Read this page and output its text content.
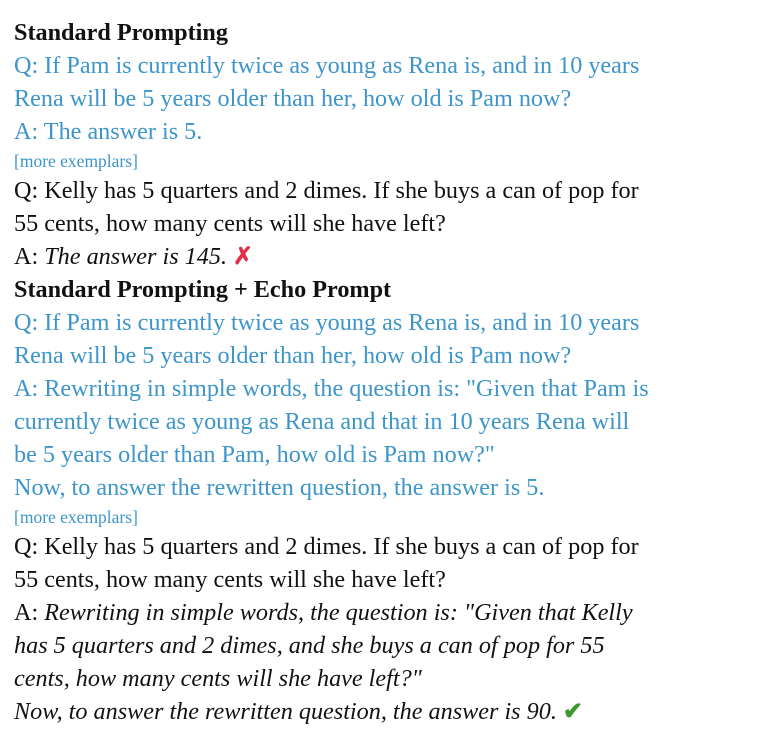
Standard Prompting

Q: If Pam is currently twice as young as Rena is, and in 10 years

Rena will be 5 years older than her, how old is Pam now?

A: The answer is 5.

[more exemplars]

Q: Kelly has 5 quarters and 2 dimes. If she buys a can of pop for

55 cents, how many cents will she have left?

A: The answer is 145. ✗

Standard Prompting + Echo Prompt

Q: If Pam is currently twice as young as Rena is, and in 10 years

Rena will be 5 years older than her, how old is Pam now?

A: Rewriting in simple words, the question is: "Given that Pam is

currently twice as young as Rena and that in 10 years Rena will

be 5 years older than Pam, how old is Pam now?"

Now, to answer the rewritten question, the answer is 5.

[more exemplars]

Q: Kelly has 5 quarters and 2 dimes. If she buys a can of pop for

55 cents, how many cents will she have left?

A: Rewriting in simple words, the question is: "Given that Kelly

has 5 quarters and 2 dimes, and she buys a can of pop for 55

cents, how many cents will she have left?"

Now, to answer the rewritten question, the answer is 90. ✔
